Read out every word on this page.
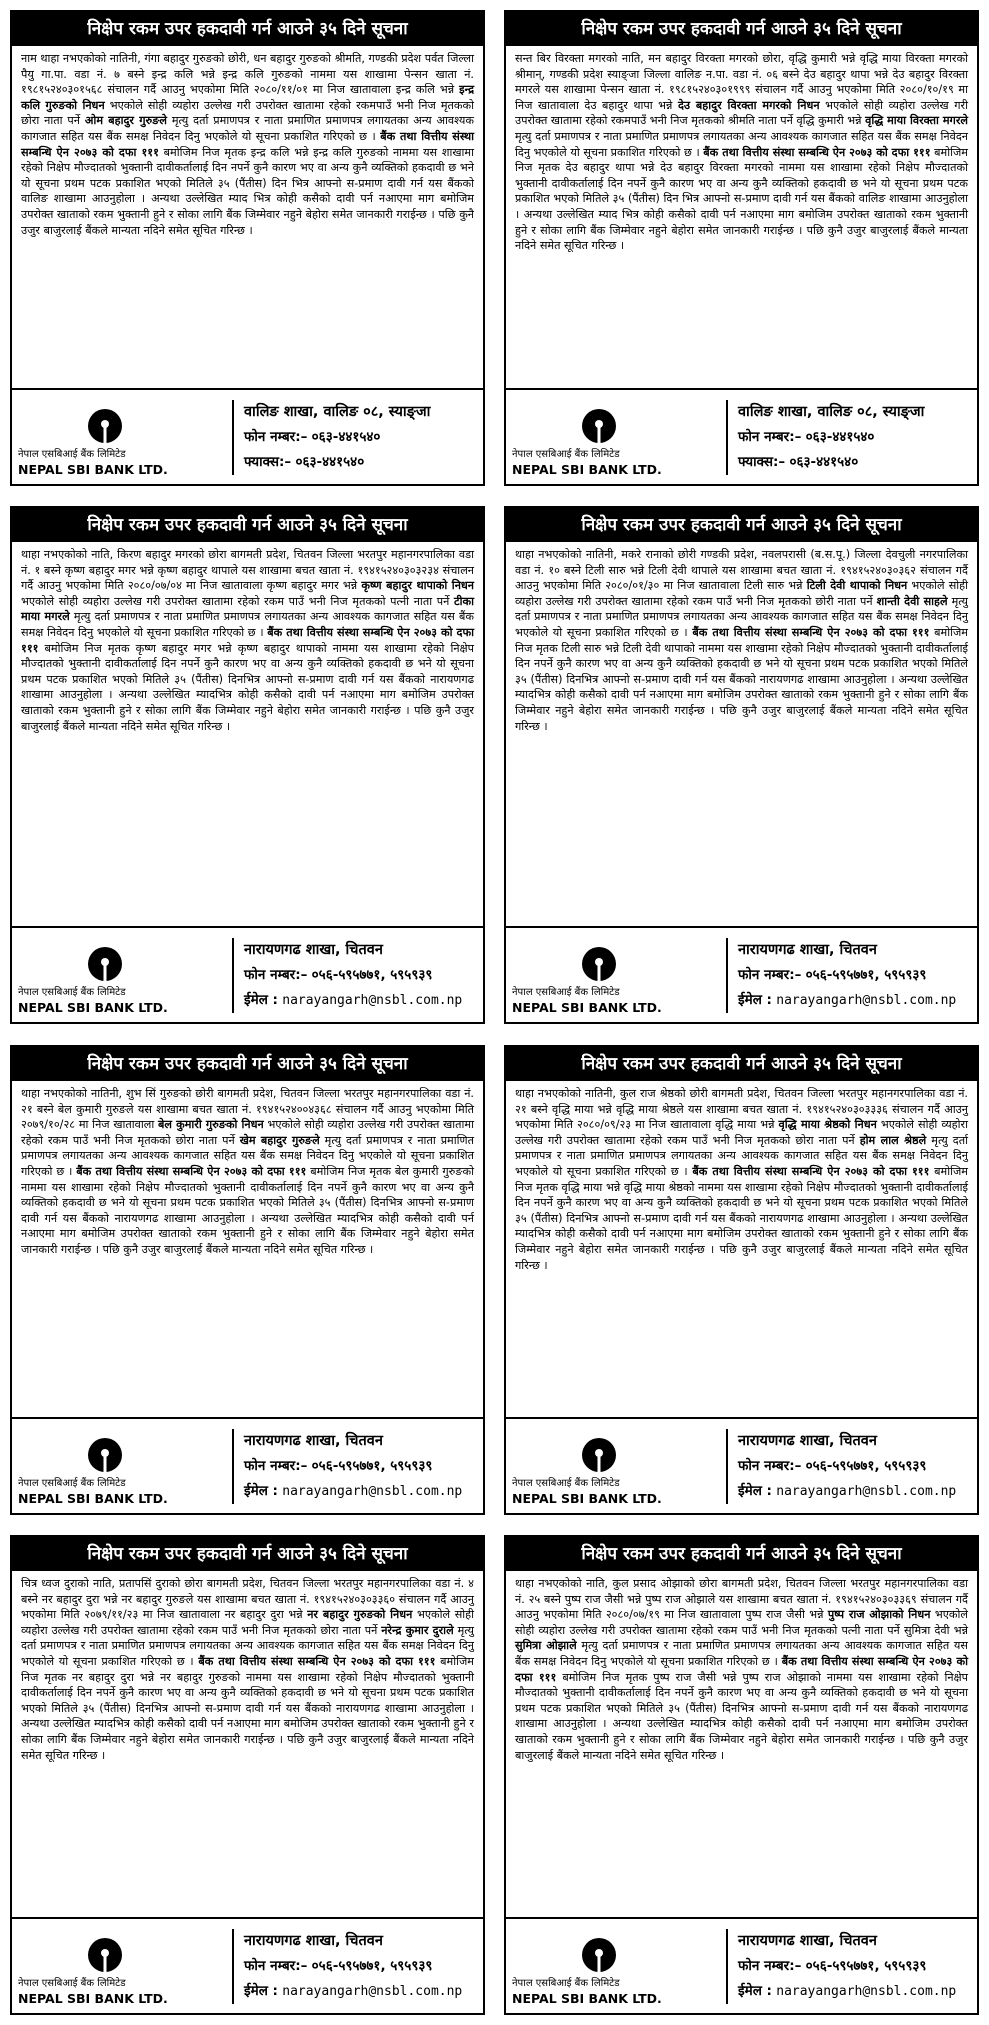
निक्षेप रकम उपर हकदावी गर्न आउने ३५ दिने सूचना
नाम थाहा नभएकोको नातिनी, गंगा बहादुर गुरुङको छोरी, धन बहादुर गुरुङको श्रीमति, गण्डकी प्रदेश पर्वत जिल्ला पैयु गा.पा. वडा नं. ७ बस्ने इन्द्र कलि भन्ने इन्द्र कलि गुरुङको नाममा यस शाखामा पेन्सन खाता नं. १९८१५२४०३०१५६८ संचालन गर्दै आउनु भएकोमा मिति २०८०/११/०१ मा निज खातावाला इन्द्र कलि भन्ने इन्द्र कलि गुरुङको निधन भएकोले सोही व्यहोरा उल्लेख गरी उपरोक्त खातामा रहेको रकमपाउँ भनी निज मृतकको छोरा नाता पर्ने ओम बहादुर गुरुङले मृत्यु दर्ता प्रमाणपत्र र नाता प्रमाणित प्रमाणपत्र लगायतका अन्य आवश्यक कागजात सहित यस बैंक समक्ष निवेदन दिनु भएकोले यो सूचना प्रकाशित गरिएको छ । बैंक तथा वित्तीय संस्था सम्बन्धि ऐन २०७३ को दफा १११ बमोजिम निज मृतक इन्द्र कलि भन्ने इन्द्र कलि गुरुङको नाममा यस शाखामा रहेको निक्षेप मौज्दातको भुक्तानी दावीकर्तालाई दिन नपर्ने कुनै कारण भए वा अन्य कुनै व्यक्तिको हकदावी छ भने यो सूचना प्रथम पटक प्रकाशित भएको मितिले ३५ (पैंतीस) दिन भित्र आफ्नो स-प्रमाण दावी गर्न यस बैंकको वालिङ शाखामा आउनुहोला । अन्यथा उल्लेखित म्याद भित्र कोही कसैको दावी पर्न नआएमा माग बमोजिम उपरोक्त खाताको रकम भुक्तानी हुने र सोका लागि बैंक जिम्मेवार नहुने बेहोरा समेत जानकारी गराईन्छ । पछि कुनै उजुर बाजुरलाई बैंकले मान्यता नदिने समेत सूचित गरिन्छ ।
नेपाल एसबिआई बैंक लिमिटेड
NEPAL SBI BANK LTD.
वालिङ शाखा, वालिङ ०८, स्याङ्जा
फोन नम्बर:– ०६३-४४१५४०
फ्याक्स:– ०६३-४४१५४०
निक्षेप रकम उपर हकदावी गर्न आउने ३५ दिने सूचना
सन्त बिर विरक्ता मगरको नाति, मन बहादुर विरक्ता मगरको छोरा, वृद्धि कुमारी भन्ने वृद्धि माया विरक्ता मगरको श्रीमान्, गण्डकी प्रदेश स्याङ्जा जिल्ला वालिङ न.पा. वडा नं. ०६ बस्ने देउ बहादुर थापा भन्ने देउ बहादुर विरक्ता मगरले यस शाखामा पेन्सन खाता नं. १९८१५२४०३०१९९९ संचालन गर्दै आउनु भएकोमा मिति २०८०/१०/१९ मा निज खातावाला देउ बहादुर थापा भन्ने देउ बहादुर विरक्ता मगरको निधन भएकोले सोही व्यहोरा उल्लेख गरी उपरोक्त खातामा रहेको रकमपाउँ भनी निज मृतकको श्रीमति नाता पर्ने वृद्धि कुमारी भन्ने वृद्धि माया विरक्ता मगरले मृत्यु दर्ता प्रमाणपत्र र नाता प्रमाणित प्रमाणपत्र लगायतका अन्य आवश्यक कागजात सहित यस बैंक समक्ष निवेदन दिनु भएकोले यो सूचना प्रकाशित गरिएको छ । बैंक तथा वित्तीय संस्था सम्बन्धि ऐन २०७३ को दफा १११ बमोजिम निज मृतक देउ बहादुर थापा भन्ने देउ बहादुर विरक्ता मगरको नाममा यस शाखामा रहेको निक्षेप मौज्दातको भुक्तानी दावीकर्तालाई दिन नपर्ने कुनै कारण भए वा अन्य कुनै व्यक्तिको हकदावी छ भने यो सूचना प्रथम पटक प्रकाशित भएको मितिले ३५ (पैंतीस) दिन भित्र आफ्नो स-प्रमाण दावी गर्न यस बैंकको वालिङ शाखामा आउनुहोला । अन्यथा उल्लेखित म्याद भित्र कोही कसैको दावी पर्न नआएमा माग बमोजिम उपरोक्त खाताको रकम भुक्तानी हुने र सोका लागि बैंक जिम्मेवार नहुने बेहोरा समेत जानकारी गराईन्छ । पछि कुनै उजुर बाजुरलाई बैंकले मान्यता नदिने समेत सूचित गरिन्छ ।
नेपाल एसबिआई बैंक लिमिटेड
NEPAL SBI BANK LTD.
वालिङ शाखा, वालिङ ०८, स्याङ्जा
फोन नम्बर:– ०६३-४४१५४०
फ्याक्स:– ०६३-४४१५४०
निक्षेप रकम उपर हकदावी गर्न आउने ३५ दिने सूचना
थाहा नभएकोको नाति, किरण बहादुर मगरको छोरा बागमती प्रदेश, चितवन जिल्ला भरतपुर महानगरपालिका वडा नं. १ बस्ने कृष्ण बहादुर मगर भन्ने कृष्ण बहादुर थापाले यस शाखामा बचत खाता नं. १९४१५२४०३०३२३४ संचालन गर्दै आउनु भएकोमा मिति २०८०/०७/०४ मा निज खातावाला कृष्ण बहादुर मगर भन्ने कृष्ण बहादुर थापाको निधन भएकोले सोही व्यहोरा उल्लेख गरी उपरोक्त खातामा रहेको रकम पाउँ भनी निज मृतकको पत्नी नाता पर्ने टीका माया मगरले मृत्यु दर्ता प्रमाणपत्र र नाता प्रमाणित प्रमाणपत्र लगायतका अन्य आवश्यक कागजात सहित यस बैंक समक्ष निवेदन दिनु भएकोले यो सूचना प्रकाशित गरिएको छ । बैंक तथा वित्तीय संस्था सम्बन्धि ऐन २०७३ को दफा १११ बमोजिम निज मृतक कृष्ण बहादुर मगर भन्ने कृष्ण बहादुर थापाको नाममा यस शाखामा रहेको निक्षेप मौज्दातको भुक्तानी दावीकर्तालाई दिन नपर्ने कुनै कारण भए वा अन्य कुनै व्यक्तिको हकदावी छ भने यो सूचना प्रथम पटक प्रकाशित भएको मितिले ३५ (पैंतीस) दिनभित्र आफ्नो स-प्रमाण दावी गर्न यस बैंकको नारायणगढ शाखामा आउनुहोला । अन्यथा उल्लेखित म्यादभित्र कोही कसैको दावी पर्न नआएमा माग बमोजिम उपरोक्त खाताको रकम भुक्तानी हुने र सोका लागि बैंक जिम्मेवार नहुने बेहोरा समेत जानकारी गराईन्छ । पछि कुनै उजुर बाजुरलाई बैंकले मान्यता नदिने समेत सूचित गरिन्छ ।
नेपाल एसबिआई बैंक लिमिटेड
NEPAL SBI BANK LTD.
नारायणगढ शाखा, चितवन
फोन नम्बर:– ०५६-५९५७७१, ५९५९३९
ईमेल : narayangarh@nsbl.com.np
निक्षेप रकम उपर हकदावी गर्न आउने ३५ दिने सूचना
थाहा नभएकोको नातिनी, मकरे रानाको छोरी गण्डकी प्रदेश, नवलपरासी (ब.स.पू.) जिल्ला देवचुली नगरपालिका वडा नं. १० बस्ने टिली सारु भन्ने टिली देवी थापाले यस शाखामा बचत खाता नं. १९४१५२४०३०३६२ संचालन गर्दै आउनु भएकोमा मिति २०८०/०१/३० मा निज खातावाला टिली सारु भन्ने टिली देवी थापाको निधन भएकोले सोही व्यहोरा उल्लेख गरी उपरोक्त खातामा रहेको रकम पाउँ भनी निज मृतकको छोरी नाता पर्ने शान्ती देवी साहले मृत्यु दर्ता प्रमाणपत्र र नाता प्रमाणित प्रमाणपत्र लगायतका अन्य आवश्यक कागजात सहित यस बैंक समक्ष निवेदन दिनु भएकोले यो सूचना प्रकाशित गरिएको छ । बैंक तथा वित्तीय संस्था सम्बन्धि ऐन २०७३ को दफा १११ बमोजिम निज मृतक टिली सारु भन्ने टिली देवी थापाको नाममा यस शाखामा रहेको निक्षेप मौज्दातको भुक्तानी दावीकर्तालाई दिन नपर्ने कुनै कारण भए वा अन्य कुनै व्यक्तिको हकदावी छ भने यो सूचना प्रथम पटक प्रकाशित भएको मितिले ३५ (पैंतीस) दिनभित्र आफ्नो स-प्रमाण दावी गर्न यस बैंकको नारायणगढ शाखामा आउनुहोला । अन्यथा उल्लेखित म्यादभित्र कोही कसैको दावी पर्न नआएमा माग बमोजिम उपरोक्त खाताको रकम भुक्तानी हुने र सोका लागि बैंक जिम्मेवार नहुने बेहोरा समेत जानकारी गराईन्छ । पछि कुनै उजुर बाजुरलाई बैंकले मान्यता नदिने समेत सूचित गरिन्छ ।
नेपाल एसबिआई बैंक लिमिटेड
NEPAL SBI BANK LTD.
नारायणगढ शाखा, चितवन
फोन नम्बर:– ०५६-५९५७७१, ५९५९३९
ईमेल : narayangarh@nsbl.com.np
निक्षेप रकम उपर हकदावी गर्न आउने ३५ दिने सूचना
थाहा नभएकोको नातिनी, शुभ सिं गुरुङको छोरी बागमती प्रदेश, चितवन जिल्ला भरतपुर महानगरपालिका वडा नं. २१ बस्ने बेल कुमारी गुरुङले यस शाखामा बचत खाता नं. १९४१५२४००४३६८ संचालन गर्दै आउनु भएकोमा मिति २०७९/१०/२८ मा निज खातावाला बेल कुमारी गुरुङको निधन भएकोले सोही व्यहोरा उल्लेख गरी उपरोक्त खातामा रहेको रकम पाउँ भनी निज मृतकको छोरा नाता पर्ने खेम बहादुर गुरुङले मृत्यु दर्ता प्रमाणपत्र र नाता प्रमाणित प्रमाणपत्र लगायतका अन्य आवश्यक कागजात सहित यस बैंक समक्ष निवेदन दिनु भएकोले यो सूचना प्रकाशित गरिएको छ । बैंक तथा वित्तीय संस्था सम्बन्धि ऐन २०७३ को दफा १११ बमोजिम निज मृतक बेल कुमारी गुरुङको नाममा यस शाखामा रहेको निक्षेप मौज्दातको भुक्तानी दावीकर्तालाई दिन नपर्ने कुनै कारण भए वा अन्य कुनै व्यक्तिको हकदावी छ भने यो सूचना प्रथम पटक प्रकाशित भएको मितिले ३५ (पैंतीस) दिनभित्र आफ्नो स-प्रमाण दावी गर्न यस बैंकको नारायणगढ शाखामा आउनुहोला । अन्यथा उल्लेखित म्यादभित्र कोही कसैको दावी पर्न नआएमा माग बमोजिम उपरोक्त खाताको रकम भुक्तानी हुने र सोका लागि बैंक जिम्मेवार नहुने बेहोरा समेत जानकारी गराईन्छ । पछि कुनै उजुर बाजुरलाई बैंकले मान्यता नदिने समेत सूचित गरिन्छ ।
नेपाल एसबिआई बैंक लिमिटेड
NEPAL SBI BANK LTD.
नारायणगढ शाखा, चितवन
फोन नम्बर:– ०५६-५९५७७१, ५९५९३९
ईमेल : narayangarh@nsbl.com.np
निक्षेप रकम उपर हकदावी गर्न आउने ३५ दिने सूचना
थाहा नभएकोको नातिनी, कुल राज श्रेष्ठको छोरी बागमती प्रदेश, चितवन जिल्ला भरतपुर महानगरपालिका वडा नं. २१ बस्ने वृद्धि माया भन्ने वृद्धि माया श्रेष्ठले यस शाखामा बचत खाता नं. १९४१५२४०३०३३३६ संचालन गर्दै आउनु भएकोमा मिति २०८०/०९/२३ मा निज खातावाला वृद्धि माया भन्ने वृद्धि माया श्रेष्ठको निधन भएकोले सोही व्यहोरा उल्लेख गरी उपरोक्त खातामा रहेको रकम पाउँ भनी निज मृतकको छोरा नाता पर्ने होम लाल श्रेष्ठले मृत्यु दर्ता प्रमाणपत्र र नाता प्रमाणित प्रमाणपत्र लगायतका अन्य आवश्यक कागजात सहित यस बैंक समक्ष निवेदन दिनु भएकोले यो सूचना प्रकाशित गरिएको छ । बैंक तथा वित्तीय संस्था सम्बन्धि ऐन २०७३ को दफा १११ बमोजिम निज मृतक वृद्धि माया भन्ने वृद्धि माया श्रेष्ठको नाममा यस शाखामा रहेको निक्षेप मौज्दातको भुक्तानी दावीकर्तालाई दिन नपर्ने कुनै कारण भए वा अन्य कुनै व्यक्तिको हकदावी छ भने यो सूचना प्रथम पटक प्रकाशित भएको मितिले ३५ (पैंतीस) दिनभित्र आफ्नो स-प्रमाण दावी गर्न यस बैंकको नारायणगढ शाखामा आउनुहोला । अन्यथा उल्लेखित म्यादभित्र कोही कसैको दावी पर्न नआएमा माग बमोजिम उपरोक्त खाताको रकम भुक्तानी हुने र सोका लागि बैंक जिम्मेवार नहुने बेहोरा समेत जानकारी गराईन्छ । पछि कुनै उजुर बाजुरलाई बैंकले मान्यता नदिने समेत सूचित गरिन्छ ।
नेपाल एसबिआई बैंक लिमिटेड
NEPAL SBI BANK LTD.
नारायणगढ शाखा, चितवन
फोन नम्बर:– ०५६-५९५७७१, ५९५९३९
ईमेल : narayangarh@nsbl.com.np
निक्षेप रकम उपर हकदावी गर्न आउने ३५ दिने सूचना
चित्र ध्वज दुराको नाति, प्रतापसिं दुराको छोरा बागमती प्रदेश, चितवन जिल्ला भरतपुर महानगरपालिका वडा नं. ४ बस्ने नर बहादुर दुरा भन्ने नर बहादुर गुरुङले यस शाखामा बचत खाता नं. १९४१५२४०३०३३६० संचालन गर्दै आउनु भएकोमा मिति २०७९/११/२३ मा निज खातावाला नर बहादुर दुरा भन्ने नर बहादुर गुरुङको निधन भएकोले सोही व्यहोरा उल्लेख गरी उपरोक्त खातामा रहेको रकम पाउँ भनी निज मृतकको छोरा नाता पर्ने नरेन्द्र कुमार दुराले मृत्यु दर्ता प्रमाणपत्र र नाता प्रमाणित प्रमाणपत्र लगायतका अन्य आवश्यक कागजात सहित यस बैंक समक्ष निवेदन दिनु भएकोले यो सूचना प्रकाशित गरिएको छ । बैंक तथा वित्तीय संस्था सम्बन्धि ऐन २०७३ को दफा १११ बमोजिम निज मृतक नर बहादुर दुरा भन्ने नर बहादुर गुरुङको नाममा यस शाखामा रहेको निक्षेप मौज्दातको भुक्तानी दावीकर्तालाई दिन नपर्ने कुनै कारण भए वा अन्य कुनै व्यक्तिको हकदावी छ भने यो सूचना प्रथम पटक प्रकाशित भएको मितिले ३५ (पैंतीस) दिनभित्र आफ्नो स-प्रमाण दावी गर्न यस बैंकको नारायणगढ शाखामा आउनुहोला । अन्यथा उल्लेखित म्यादभित्र कोही कसैको दावी पर्न नआएमा माग बमोजिम उपरोक्त खाताको रकम भुक्तानी हुने र सोका लागि बैंक जिम्मेवार नहुने बेहोरा समेत जानकारी गराईन्छ । पछि कुनै उजुर बाजुरलाई बैंकले मान्यता नदिने समेत सूचित गरिन्छ ।
नेपाल एसबिआई बैंक लिमिटेड
NEPAL SBI BANK LTD.
नारायणगढ शाखा, चितवन
फोन नम्बर:– ०५६-५९५७७१, ५९५९३९
ईमेल : narayangarh@nsbl.com.np
निक्षेप रकम उपर हकदावी गर्न आउने ३५ दिने सूचना
थाहा नभएकोको नाति, कुल प्रसाद ओझाको छोरा बागमती प्रदेश, चितवन जिल्ला भरतपुर महानगरपालिका वडा नं. २५ बस्ने पुष्प राज जैसी भन्ने पुष्प राज ओझाले यस शाखामा बचत खाता नं. १९४१५२४०३०३३६९ संचालन गर्दै आउनु भएकोमा मिति २०८०/०७/१९ मा निज खातावाला पुष्प राज जैसी भन्ने पुष्प राज ओझाको निधन भएकोले सोही व्यहोरा उल्लेख गरी उपरोक्त खातामा रहेको रकम पाउँ भनी निज मृतकको पत्नी नाता पर्ने सुमित्रा देवी भन्ने सुमित्रा ओझाले मृत्यु दर्ता प्रमाणपत्र र नाता प्रमाणित प्रमाणपत्र लगायतका अन्य आवश्यक कागजात सहित यस बैंक समक्ष निवेदन दिनु भएकोले यो सूचना प्रकाशित गरिएको छ । बैंक तथा वित्तीय संस्था सम्बन्धि ऐन २०७३ को दफा १११ बमोजिम निज मृतक पुष्प राज जैसी भन्ने पुष्प राज ओझाको नाममा यस शाखामा रहेको निक्षेप मौज्दातको भुक्तानी दावीकर्तालाई दिन नपर्ने कुनै कारण भए वा अन्य कुनै व्यक्तिको हकदावी छ भने यो सूचना प्रथम पटक प्रकाशित भएको मितिले ३५ (पैंतीस) दिनभित्र आफ्नो स-प्रमाण दावी गर्न यस बैंकको नारायणगढ शाखामा आउनुहोला । अन्यथा उल्लेखित म्यादभित्र कोही कसैको दावी पर्न नआएमा माग बमोजिम उपरोक्त खाताको रकम भुक्तानी हुने र सोका लागि बैंक जिम्मेवार नहुने बेहोरा समेत जानकारी गराईन्छ । पछि कुनै उजुर बाजुरलाई बैंकले मान्यता नदिने समेत सूचित गरिन्छ ।
नेपाल एसबिआई बैंक लिमिटेड
NEPAL SBI BANK LTD.
नारायणगढ शाखा, चितवन
फोन नम्बर:– ०५६-५९५७७१, ५९५९३९
ईमेल : narayangarh@nsbl.com.np
